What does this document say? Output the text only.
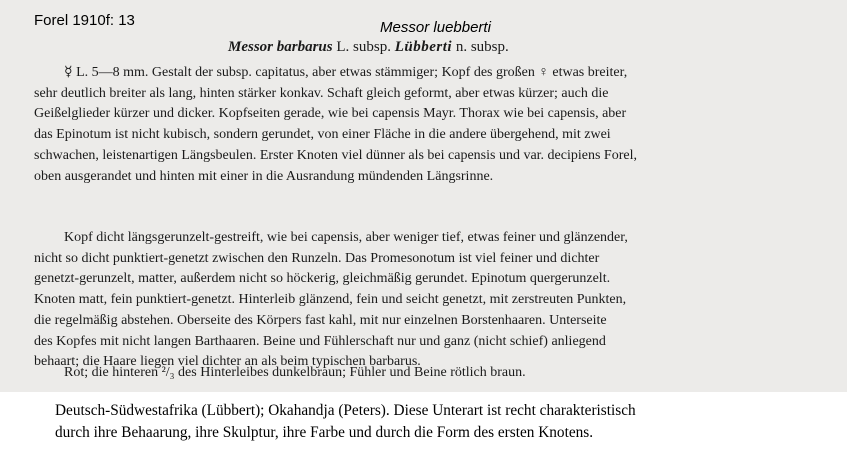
Forel 1910f: 13	Messor luebberti
Messor barbarus L. subsp. Lübberti n. subsp.
☿ L. 5—8 mm. Gestalt der subsp. capitatus, aber etwas stämmiger; Kopf des großen ♀ etwas breiter,
sehr deutlich breiter als lang, hinten stärker konkav. Schaft gleich geformt, aber etwas kürzer; auch die
Geißelglieder kürzer und dicker. Kopfseiten gerade, wie bei capensis Mayr. Thorax wie bei capensis, aber
das Epinotum ist nicht kubisch, sondern gerundet, von einer Fläche in die andere übergehend, mit zwei
schwachen, leistenartigen Längsbeulen. Erster Knoten viel dünner als bei capensis und var. decipiens Forel,
oben ausgerandet und hinten mit einer in die Ausrandung mündenden Längsrinne.
Kopf dicht längsgerunzelt-gestreift, wie bei capensis, aber weniger tief, etwas feiner und glänzender,
nicht so dicht punktiert-genetzt zwischen den Runzeln. Das Promesonotum ist viel feiner und dichter
genetzt-gerunzelt, matter, außerdem nicht so höckerig, gleichmäßig gerundet. Epinotum quergerunzelt.
Knoten matt, fein punktiert-genetzt. Hinterleib glänzend, fein und seicht genetzt, mit zerstreuten Punkten,
die regelmäßig abstehen. Oberseite des Körpers fast kahl, mit nur einzelnen Borstenhaaren. Unterseite
des Kopfes mit nicht langen Barthaaren. Beine und Fühlerschaft nur und ganz (nicht schief) anliegend
behaart; die Haare liegen viel dichter an als beim typischen barbarus.
Rot; die hinteren ²/₃ des Hinterleibes dunkelbraun; Fühler und Beine rötlich braun.
Deutsch-Südwestafrika (Lübbert); Okahandja (Peters). Diese Unterart ist recht charakteristisch
durch ihre Behaarung, ihre Skulptur, ihre Farbe und durch die Form des ersten Knotens.
